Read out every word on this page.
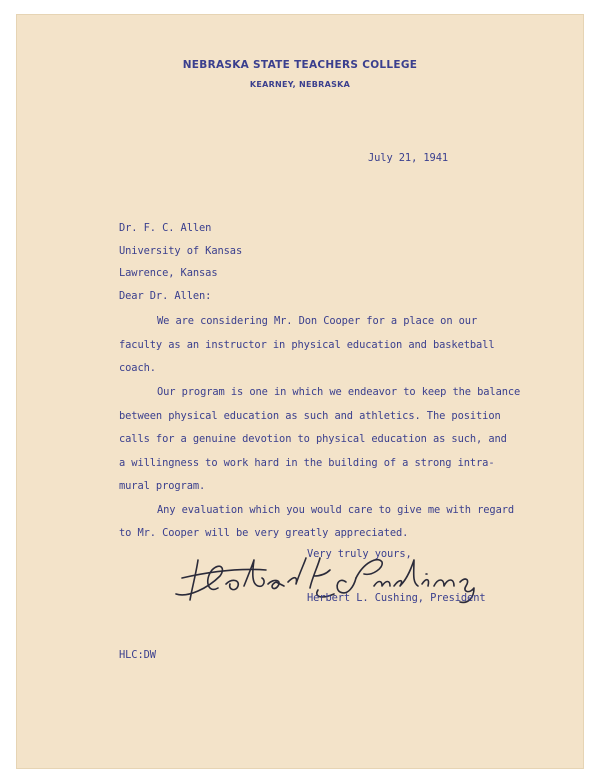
NEBRASKA STATE TEACHERS COLLEGE
KEARNEY, NEBRASKA
July 21, 1941
Dr. F. C. Allen
University of Kansas
Lawrence, Kansas
Dear Dr. Allen:
We are considering Mr. Don Cooper for a place on our
faculty as an instructor in physical education and basketball
coach.
Our program is one in which we endeavor to keep the balance
between physical education as such and athletics. The position
calls for a genuine devotion to physical education as such, and
a willingness to work hard in the building of a strong intra-
mural program.
Any evaluation which you would care to give me with regard
to Mr. Cooper will be very greatly appreciated.
Very truly yours,
Herbert L. Cushing, President
HLC:DW
